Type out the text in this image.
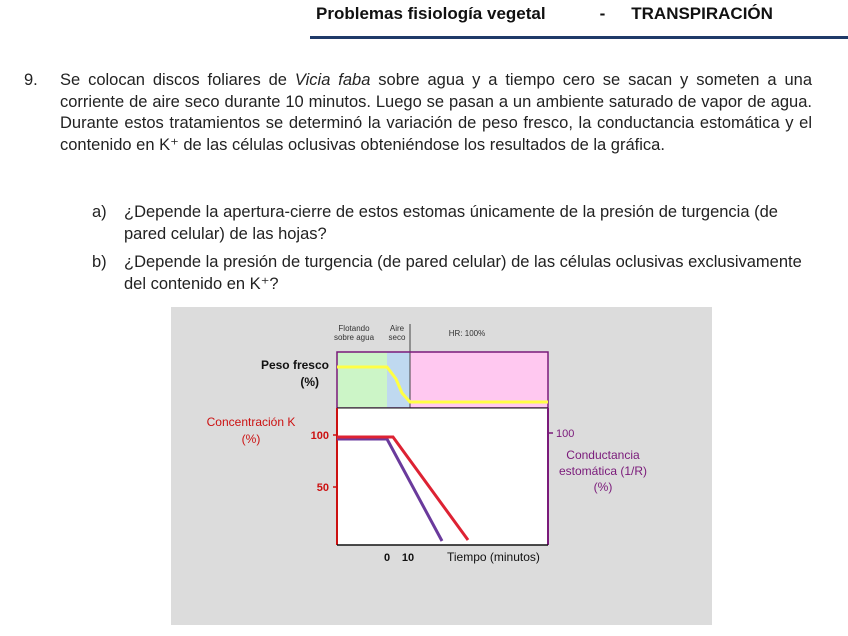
Problemas fisiología vegetal	- TRANSPIRACIÓN
9. Se colocan discos foliares de Vicia faba sobre agua y a tiempo cero se sacan y someten a una corriente de aire seco durante 10 minutos. Luego se pasan a un ambiente saturado de vapor de agua. Durante estos tratamientos se determinó la variación de peso fresco, la conductancia estomática y el contenido en K⁺ de las células oclusivas obteniéndose los resultados de la gráfica.
a) ¿Depende la apertura-cierre de estos estomas únicamente de la presión de turgencia (de pared celular) de las hojas?
b) ¿Depende la presión de turgencia (de pared celular) de las células oclusivas exclusivamente del contenido en K⁺?
Flotando
sobre agua
Aire
seco	HR: 100%
Peso fresco
(%)
Concentración K
(%)	100
50
100
Conductancia
estomática (1/R)
(%)
0 10	Tiempo (minutos)
